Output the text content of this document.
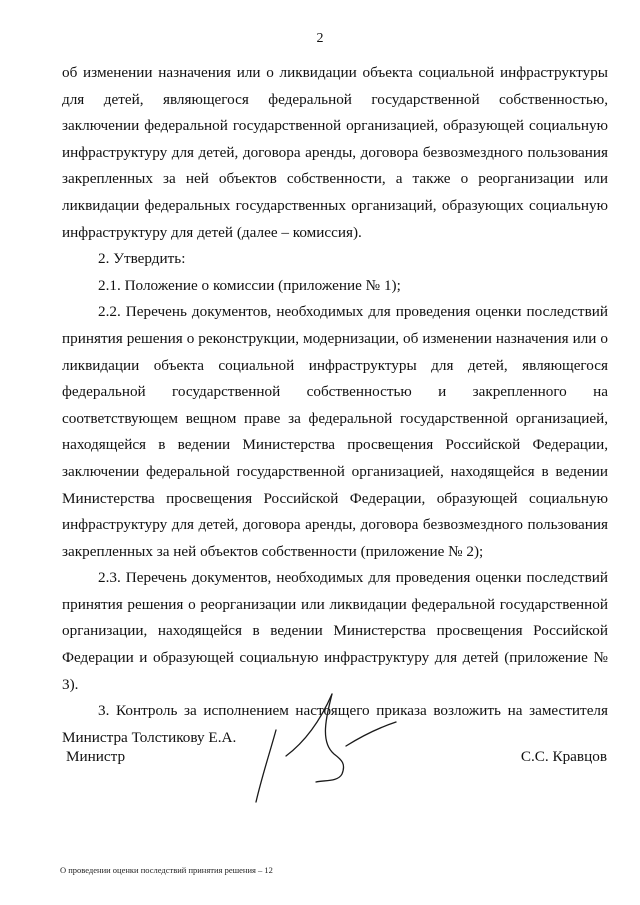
2

об изменении назначения или о ликвидации объекта социальной инфраструктуры для детей, являющегося федеральной государственной собственностью, заключении федеральной государственной организацией, образующей социальную инфраструктуру для детей, договора аренды, договора безвозмездного пользования закрепленных за ней объектов собственности, а также о реорганизации или ликвидации федеральных государственных организаций, образующих социальную инфраструктуру для детей (далее – комиссия).

2. Утвердить:

2.1. Положение о комиссии (приложение № 1);

2.2. Перечень документов, необходимых для проведения оценки последствий принятия решения о реконструкции, модернизации, об изменении назначения или о ликвидации объекта социальной инфраструктуры для детей, являющегося федеральной государственной собственностью и закрепленного на соответствующем вещном праве за федеральной государственной организацией, находящейся в ведении Министерства просвещения Российской Федерации, заключении федеральной государственной организацией, находящейся в ведении Министерства просвещения Российской Федерации, образующей социальную инфраструктуру для детей, договора аренды, договора безвозмездного пользования закрепленных за ней объектов собственности (приложение № 2);

2.3. Перечень документов, необходимых для проведения оценки последствий принятия решения о реорганизации или ликвидации федеральной государственной организации, находящейся в ведении Министерства просвещения Российской Федерации и образующей социальную инфраструктуру для детей (приложение № 3).

3. Контроль за исполнением настоящего приказа возложить на заместителя Министра Толстикову Е.А.

Министр	С.С. Кравцов
О проведении оценки последствий принятия решения – 12
